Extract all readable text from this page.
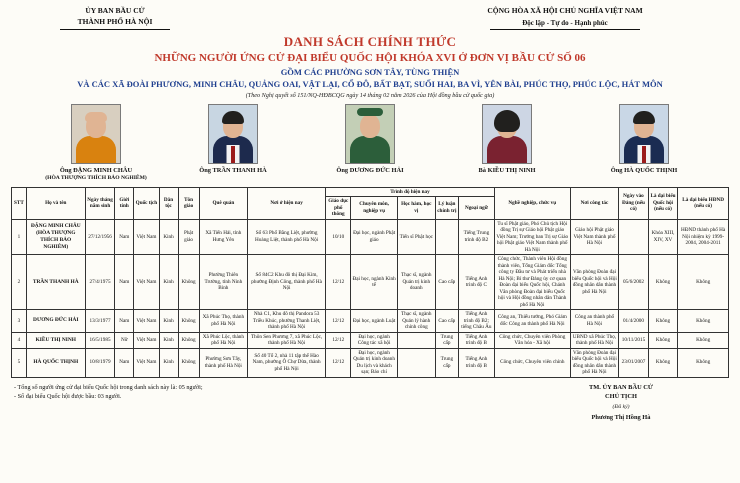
ỦY BAN BẦU CỬ
THÀNH PHỐ HÀ NỘI
CỘNG HÒA XÃ HỘI CHỦ NGHĨA VIỆT NAM
Độc lập - Tự do - Hạnh phúc
DANH SÁCH CHÍNH THỨC
NHỮNG NGƯỜI ỨNG CỬ ĐẠI BIỂU QUỐC HỘI KHÓA XVI Ở ĐƠN VỊ BẦU CỬ SỐ 06
GỒM CÁC PHƯỜNG SƠN TÂY, TÙNG THIỆN
VÀ CÁC XÃ ĐOÀI PHƯƠNG, MINH CHÂU, QUẢNG OAI, VẬT LẠI, CỔ ĐÔ, BẤT BẠT, SUỐI HAI, BA VÌ, YÊN BÀI, PHÚC THỌ, PHÚC LỘC, HÁT MÔN
(Theo Nghị quyết số 151/NQ-HĐBCQG ngày 14 tháng 02 năm 2026 của Hội đồng bầu cử quốc gia)
Ông ĐẶNG MINH CHÂU
(HÒA THƯỢNG THÍCH BẢO NGHIÊM)
Ông TRẦN THANH HÀ	Ông DƯƠNG ĐỨC HẢI	Bà KIỀU THỊ NINH	Ông HÀ QUỐC THỊNH
STT	Họ và tên	Ngày tháng năm sinh	Giới tính	Quốc tịch	Dân tộc	Tôn giáo	Quê quán	Nơi ở hiện nay	Trình độ hiện nay					Nghề nghiệp, chức vụ	Nơi công tác	Ngày vào Đảng (nếu có)	Là đại biểu Quốc hội (nếu có)	Là đại biểu HĐND (nếu có)
									Giáo dục phổ thông	Chuyên môn, nghiệp vụ	Học hàm, học vị	Lý luận chính trị	Ngoại ngữ					
1	ĐẶNG MINH CHÂU (HÒA THƯỢNG THÍCH BẢO NGHIÊM)	27/12/1956	Nam	Việt Nam	Kinh	Phật giáo	Xã Tiến Hải, tỉnh Hưng Yên	Số 63 Phố Bằng Liệt, phường Hoàng Liệt, thành phố Hà Nội	10/10	Đại học, ngành Phật giáo	Tiến sĩ Phật học		Tiếng Trung trình độ B2	Tu sĩ Phật giáo, Phó Chủ tịch Hội đồng Trị sự Giáo hội Phật giáo Việt Nam; Trưởng ban Trị sự Giáo hội Phật giáo Việt Nam thành phố Hà Nội	Giáo hội Phật giáo Việt Nam thành phố Hà Nội		Khóa XIII, XIV, XV	HĐND thành phố Hà Nội nhiệm kỳ 1999-2004, 2004-2011
2	TRẦN THANH HÀ	27/4/1975	Nam	Việt Nam	Kinh	Không	Phường Thiên Trường, tỉnh Ninh Bình	Số 84C2 Khu đô thị Đại Kim, phường Định Công, thành phố Hà Nội	12/12	Đại học, ngành Kinh tế	Thạc sĩ, ngành Quản trị kinh doanh	Cao cấp	Tiếng Anh trình độ C	Công chức, Thành viên Hội đồng thành viên, Tổng Giám đốc Tổng công ty Đầu tư và Phát triển nhà Hà Nội; Bí thư Đảng ủy cơ quan Đoàn đại biểu Quốc hội, Chánh Văn phòng Đoàn đại biểu Quốc hội và Hội đồng nhân dân Thành phố Hà Nội	Văn phòng Đoàn đại biểu Quốc hội và Hội đồng nhân dân thành phố Hà Nội	05/6/2002	Không	Không
3	DƯƠNG ĐỨC HẢI	13/3/1977	Nam	Việt Nam	Kinh	Không	Xã Phúc Thọ, thành phố Hà Nội	Nhà C1, Khu đô thị Pandora 53 Triều Khúc, phường Thanh Liệt, thành phố Hà Nội	12/12	Đại học, ngành Luật	Thạc sĩ, ngành Quản lý hành chính công	Cao cấp	Tiếng Anh trình độ B2; tiếng Châu Âu	Công an, Thiếu tướng, Phó Giám đốc Công an thành phố Hà Nội	Công an thành phố Hà Nội	01/4/2000	Không	Không
4	KIỀU THỊ NINH	16/5/1985	Nữ	Việt Nam	Kinh	Không	Xã Phúc Lộc, thành phố Hà Nội	Thôn Sen Phương 7, xã Phúc Lộc, thành phố Hà Nội	12/12	Đại học, ngành Công tác xã hội		Trung cấp	Tiếng Anh trình độ B	Công chức, Chuyên viên Phòng Văn hóa - Xã hội	UBND xã Phúc Thọ, thành phố Hà Nội	10/11/2015	Không	Không
5	HÀ QUỐC THỊNH	10/8/1979	Nam	Việt Nam	Kinh	Không	Phường Sơn Tây, thành phố Hà Nội	Số 40 Tổ 2, nhà 11 tập thể Hào Nam, phường Ô Chợ Dừa, thành phố Hà Nội	12/12	Đại học, ngành Quản trị kinh doanh Du lịch và khách sạn; Báo chí		Trung cấp	Tiếng Anh trình độ B	Công chức, Chuyên viên chính	Văn phòng Đoàn đại biểu Quốc hội và Hội đồng nhân dân thành phố Hà Nội	23/01/2007	Không	Không
- Tổng số người ứng cử đại biểu Quốc hội trong danh sách này là: 05 người;
- Số đại biểu Quốc hội được bầu: 03 người.
TM. ỦY BAN BẦU CỬ
CHỦ TỊCH
(Đã ký)
Phương Thị Hồng Hà
